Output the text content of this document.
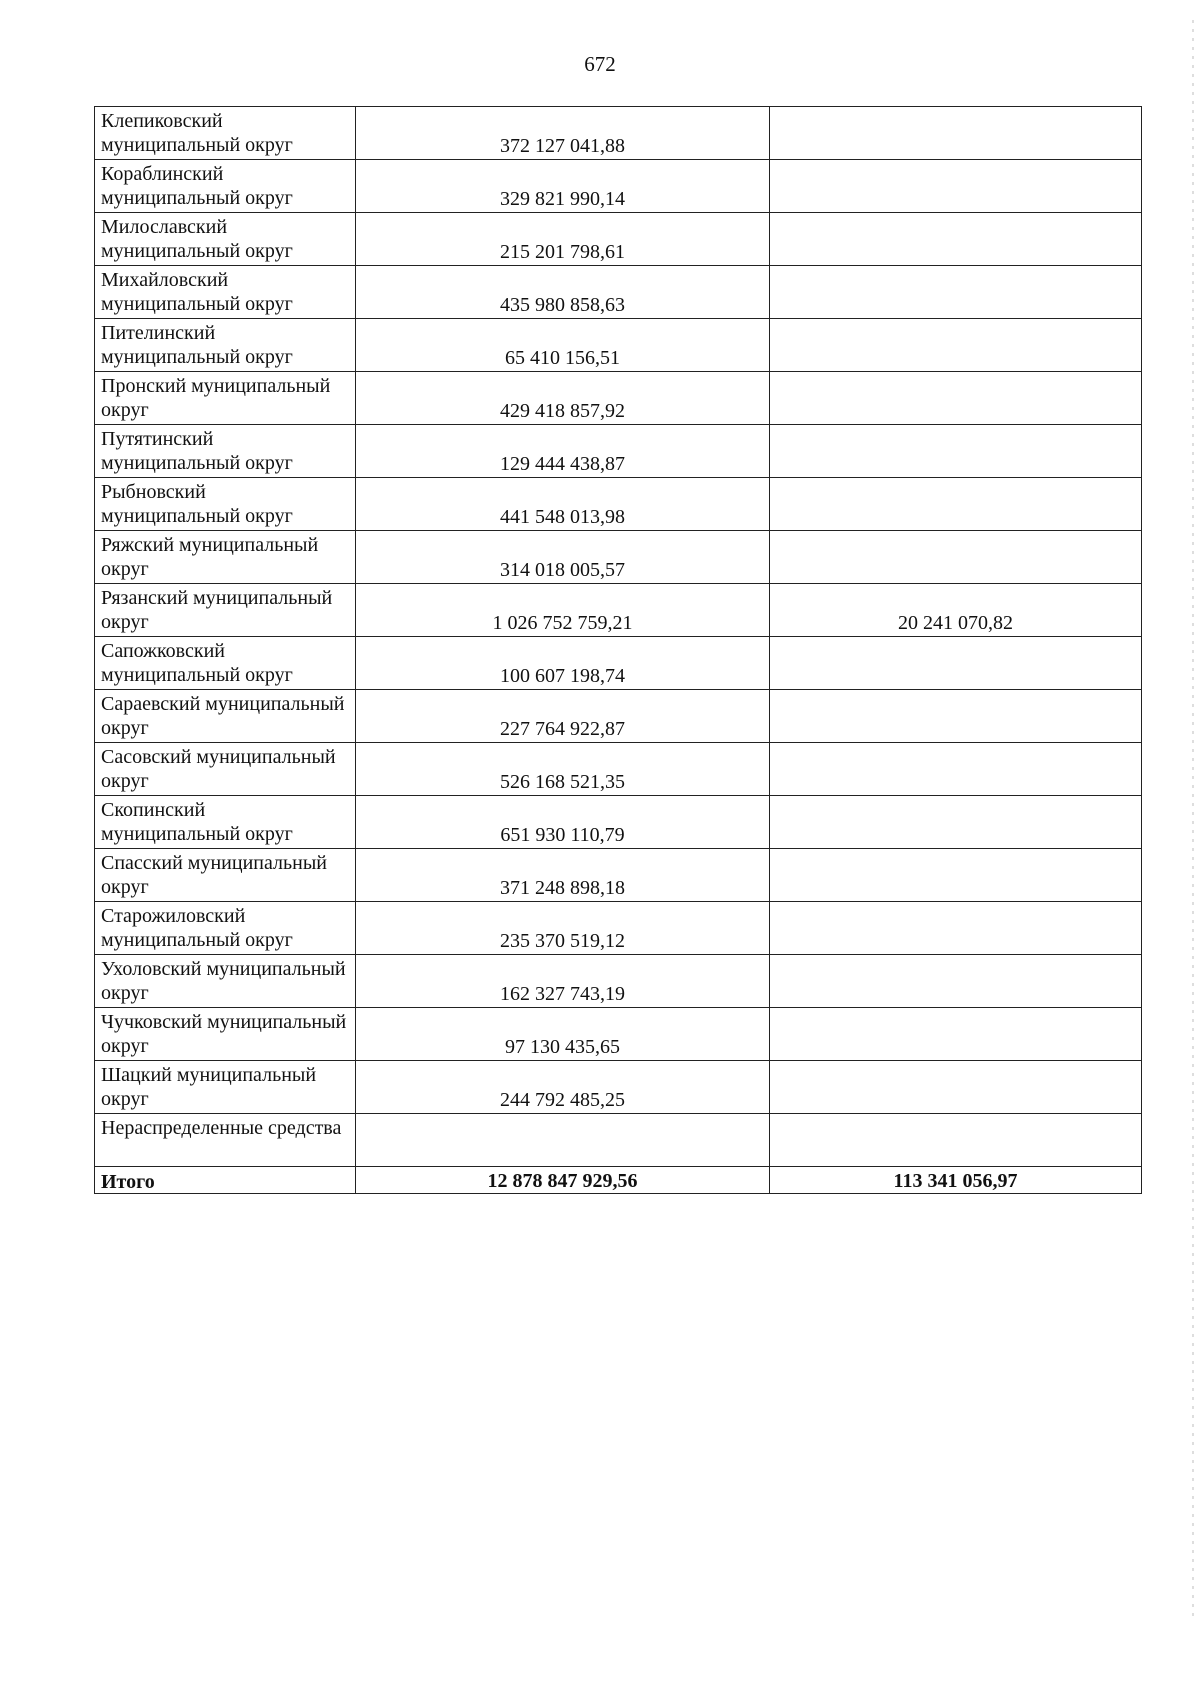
672
Клепиковский муниципальный округ	372 127 041,88	
Кораблинский муниципальный округ	329 821 990,14	
Милославский муниципальный округ	215 201 798,61	
Михайловский муниципальный округ	435 980 858,63	
Пителинский муниципальный округ	65 410 156,51	
Пронский муниципальный округ	429 418 857,92	
Путятинский муниципальный округ	129 444 438,87	
Рыбновский муниципальный округ	441 548 013,98	
Ряжский муниципальный округ	314 018 005,57	
Рязанский муниципальный округ	1 026 752 759,21	20 241 070,82
Сапожковский муниципальный округ	100 607 198,74	
Сараевский муниципальный округ	227 764 922,87	
Сасовский муниципальный округ	526 168 521,35	
Скопинский муниципальный округ	651 930 110,79	
Спасский муниципальный округ	371 248 898,18	
Старожиловский муниципальный округ	235 370 519,12	
Ухоловский муниципальный округ	162 327 743,19	
Чучковский муниципальный округ	97 130 435,65	
Шацкий муниципальный округ	244 792 485,25	
Нераспределенные средства		
Итого	12 878 847 929,56	113 341 056,97
